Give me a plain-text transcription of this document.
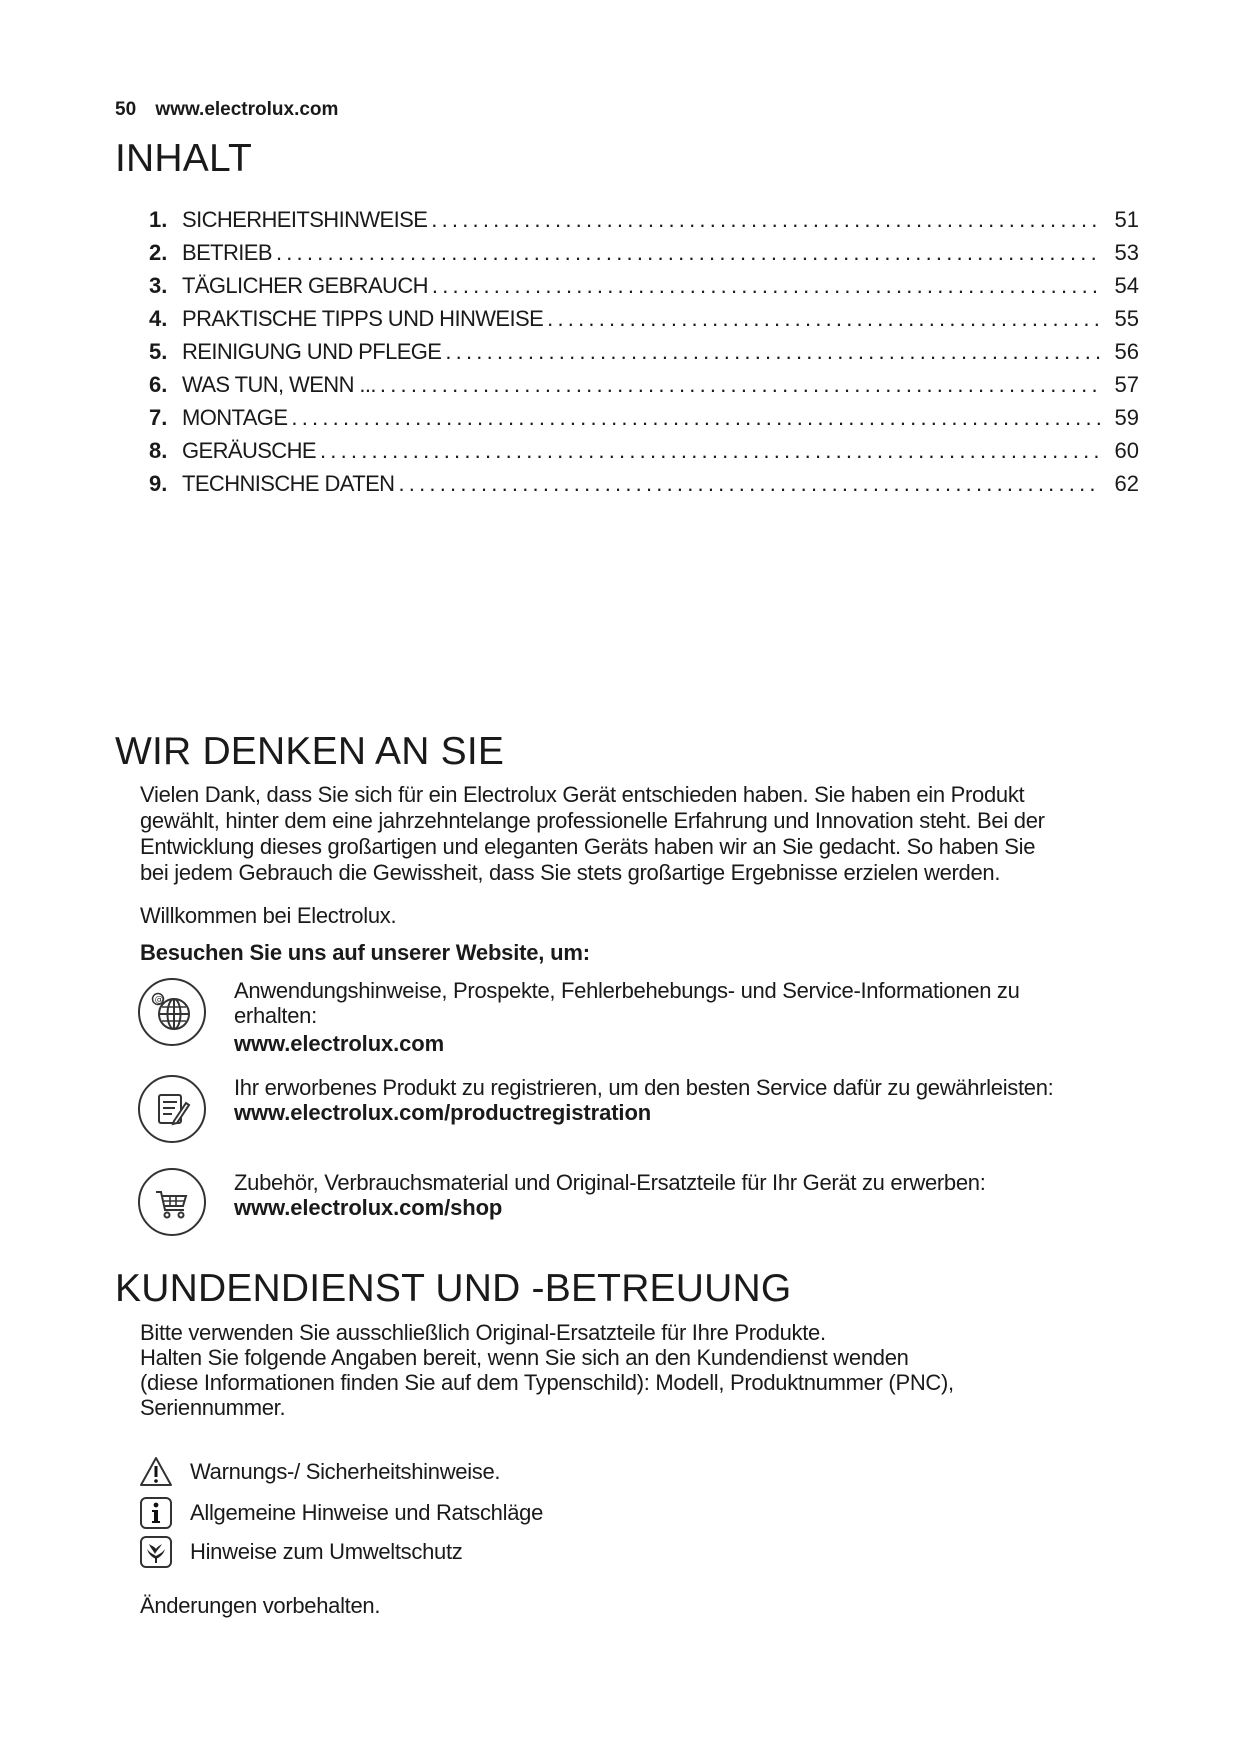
50 www.electrolux.com
INHALT
1. SICHERHEITSHINWEISE .....	51
2. BETRIEB .....	53
3. TÄGLICHER GEBRAUCH .....	54
4. PRAKTISCHE TIPPS UND HINWEISE .....	55
5. REINIGUNG UND PFLEGE .....	56
6. WAS TUN, WENN ... .....	57
7. MONTAGE .....	59
8. GERÄUSCHE .....	60
9. TECHNISCHE DATEN .....	62
WIR DENKEN AN SIE
Vielen Dank, dass Sie sich für ein Electrolux Gerät entschieden haben. Sie haben ein Produkt
gewählt, hinter dem eine jahrzehntelange professionelle Erfahrung und Innovation steht. Bei der
Entwicklung dieses großartigen und eleganten Geräts haben wir an Sie gedacht. So haben Sie
bei jedem Gebrauch die Gewissheit, dass Sie stets großartige Ergebnisse erzielen werden.
Willkommen bei Electrolux.
Besuchen Sie uns auf unserer Website, um:
@	Anwendungshinweise, Prospekte, Fehlerbehebungs- und Service-Informationen zu erhalten:
www.electrolux.com
Ihr erworbenes Produkt zu registrieren, um den besten Service dafür zu gewährleisten:
www.electrolux.com/productregistration
Zubehör, Verbrauchsmaterial und Original-Ersatzteile für Ihr Gerät zu erwerben:
www.electrolux.com/shop
KUNDENDIENST UND -BETREUUNG
Bitte verwenden Sie ausschließlich Original-Ersatzteile für Ihre Produkte.
Halten Sie folgende Angaben bereit, wenn Sie sich an den Kundendienst wenden
(diese Informationen finden Sie auf dem Typenschild): Modell, Produktnummer (PNC),
Seriennummer.
Warnungs-/ Sicherheitshinweise.
Allgemeine Hinweise und Ratschläge
Hinweise zum Umweltschutz
Änderungen vorbehalten.
